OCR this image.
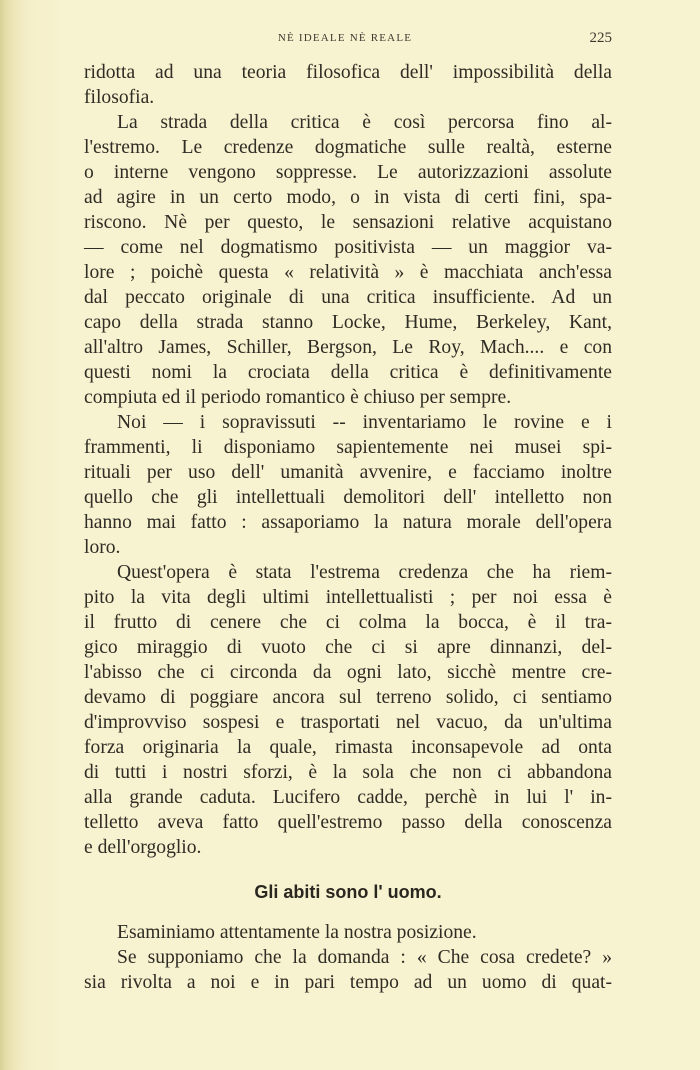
NÈ IDEALE NÈ REALE	225
ridotta ad una teoria filosofica dell' impossibilità della
filosofia.
La strada della critica è così percorsa fino al-
l'estremo. Le credenze dogmatiche sulle realtà, esterne
o interne vengono soppresse. Le autorizzazioni assolute
ad agire in un certo modo, o in vista di certi fini, spa-
riscono. Nè per questo, le sensazioni relative acquistano
— come nel dogmatismo positivista — un maggior va-
lore ; poichè questa « relatività » è macchiata anch'essa
dal peccato originale di una critica insufficiente. Ad un
capo della strada stanno Locke, Hume, Berkeley, Kant,
all'altro James, Schiller, Bergson, Le Roy, Mach.... e con
questi nomi la crociata della critica è definitivamente
compiuta ed il periodo romantico è chiuso per sempre.
Noi — i sopravissuti -- inventariamo le rovine e i
frammenti, li disponiamo sapientemente nei musei spi-
rituali per uso dell' umanità avvenire, e facciamo inoltre
quello che gli intellettuali demolitori dell' intelletto non
hanno mai fatto : assaporiamo la natura morale dell'opera
loro.
Quest'opera è stata l'estrema credenza che ha riem-
pito la vita degli ultimi intellettualisti ; per noi essa è
il frutto di cenere che ci colma la bocca, è il tra-
gico miraggio di vuoto che ci si apre dinnanzi, del-
l'abisso che ci circonda da ogni lato, sicchè mentre cre-
devamo di poggiare ancora sul terreno solido, ci sentiamo
d'improvviso sospesi e trasportati nel vacuo, da un'ultima
forza originaria la quale, rimasta inconsapevole ad onta
di tutti i nostri sforzi, è la sola che non ci abbandona
alla grande caduta. Lucifero cadde, perchè in lui l' in-
telletto aveva fatto quell'estremo passo della conoscenza
e dell'orgoglio.
Gli abiti sono l' uomo.
Esaminiamo attentamente la nostra posizione.
Se supponiamo che la domanda : « Che cosa credete? »
sia rivolta a noi e in pari tempo ad un uomo di quat-
